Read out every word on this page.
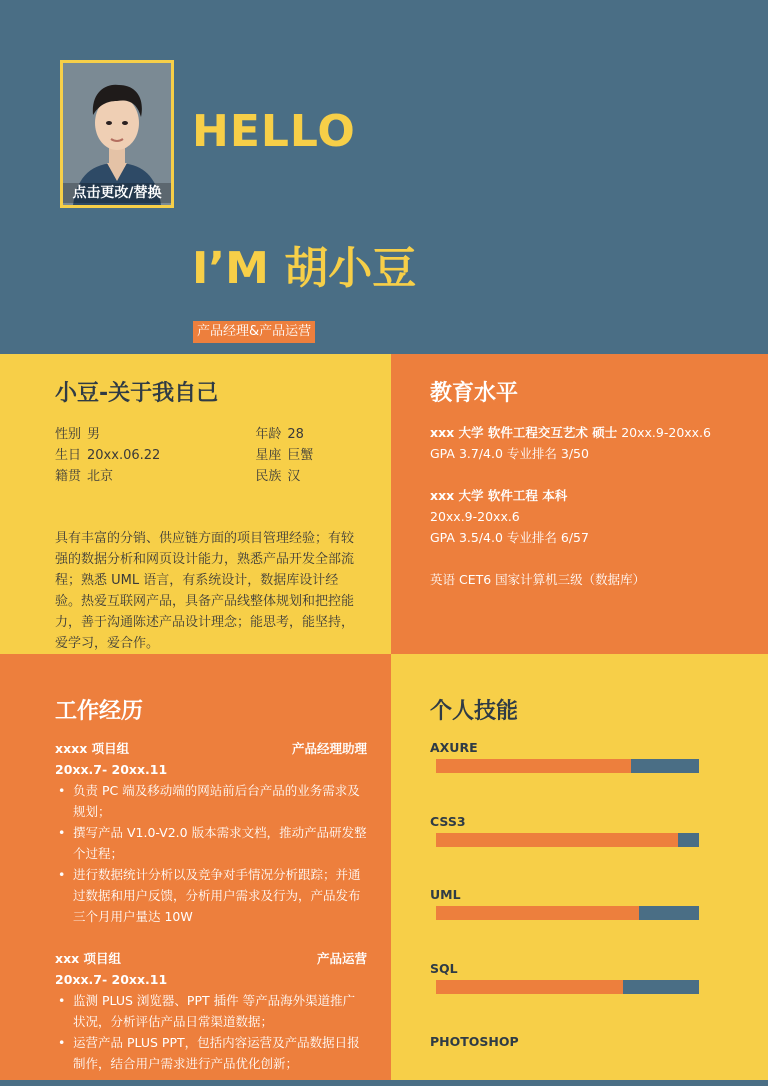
点击更改/替换
HELLO
I’M 胡小豆
产品经理&产品运营
小豆-关于我自己
性别 男	年龄 28
生日 20xx.06.22	星座 巨蟹
籍贯 北京	民族 汉
具有丰富的分销、供应链方面的项目管理经验；有较强的数据分析和网页设计能力，熟悉产品开发全部流程；熟悉 UML 语言，有系统设计，数据库设计经验。热爱互联网产品，具备产品线整体规划和把控能力，善于沟通陈述产品设计理念；能思考，能坚持，爱学习，爱合作。
教育水平
xxx 大学 软件工程交互艺术 硕士 20xx.9-20xx.6
GPA 3.7/4.0 专业排名 3/50
xxx 大学 软件工程 本科
20xx.9-20xx.6
GPA 3.5/4.0 专业排名 6/57
英语 CET6 国家计算机三级（数据库）
工作经历
xxxx 项目组	产品经理助理
20xx.7- 20xx.11
• 负责 PC 端及移动端的网站前后台产品的业务需求及规划；
• 撰写产品 V1.0-V2.0 版本需求文档，推动产品研发整个过程；
• 进行数据统计分析以及竞争对手情况分析跟踪；并通过数据和用户反馈，分析用户需求及行为，产品发布三个月用户量达 10W
xxx 项目组	产品运营
20xx.7- 20xx.11
• 监测 PLUS 浏览器、PPT 插件 等产品海外渠道推广状况，分析评估产品日常渠道数据；
• 运营产品 PLUS PPT，包括内容运营及产品数据日报制作，结合用户需求进行产品优化创新；
个人技能
AXURE
CSS3
UML
SQL
PHOTOSHOP
